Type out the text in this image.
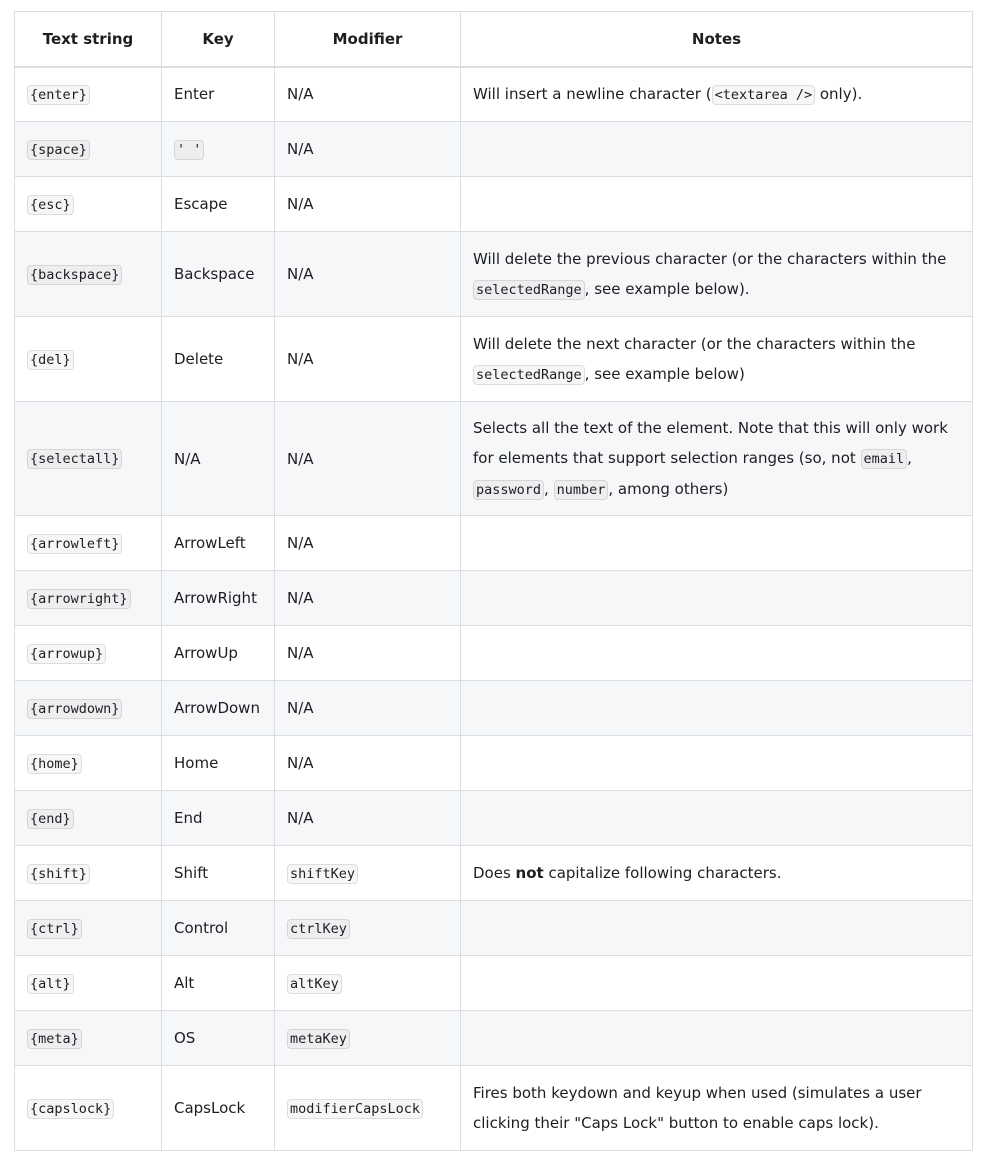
Text string	Key	Modifier	Notes
{enter}	Enter	N/A	Will insert a newline character ( <textarea /> only).
{space}	' '	N/A	
{esc}	Escape	N/A	
{backspace}	Backspace	N/A	Will delete the previous character (or the characters within the selectedRange , see example below).
{del}	Delete	N/A	Will delete the next character (or the characters within the selectedRange , see example below)
{selectall}	N/A	N/A	Selects all the text of the element. Note that this will only work for elements that support selection ranges (so, not email , password , number , among others)
{arrowleft}	ArrowLeft	N/A	
{arrowright}	ArrowRight	N/A	
{arrowup}	ArrowUp	N/A	
{arrowdown}	ArrowDown	N/A	
{home}	Home	N/A	
{end}	End	N/A	
{shift}	Shift	shiftKey	Does not capitalize following characters.
{ctrl}	Control	ctrlKey	
{alt}	Alt	altKey	
{meta}	OS	metaKey	
{capslock}	CapsLock	modifierCapsLock	Fires both keydown and keyup when used (simulates a user clicking their "Caps Lock" button to enable caps lock).
